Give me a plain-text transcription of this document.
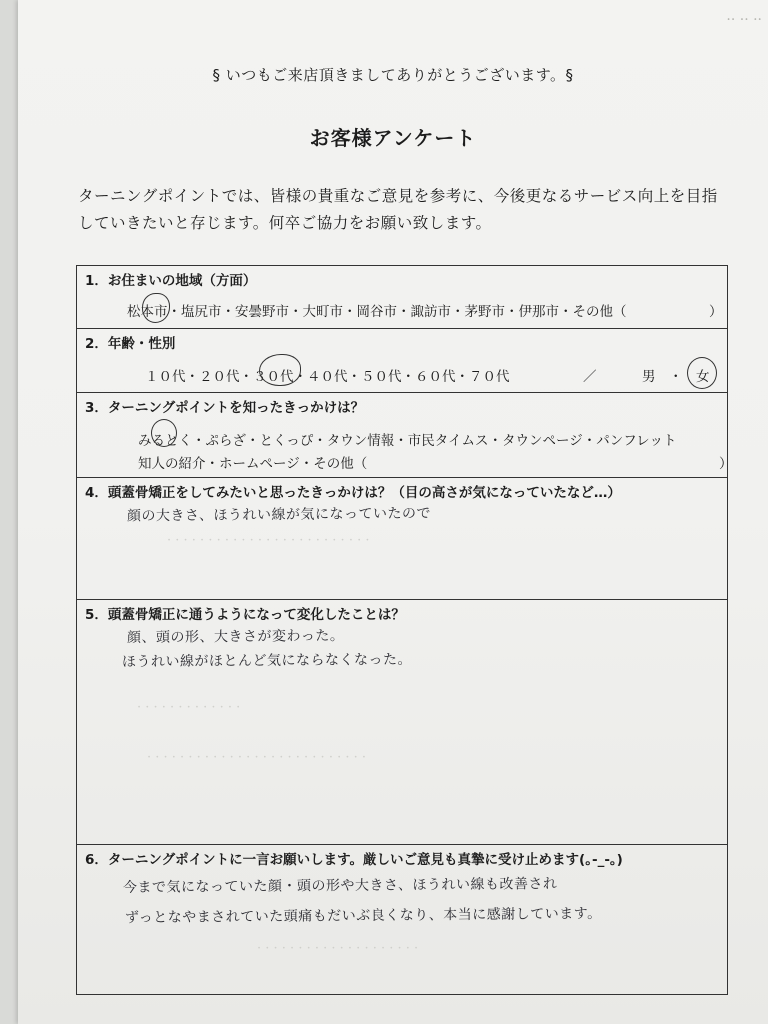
·· ·· ··
§ いつもご来店頂きましてありがとうございます。§
お客様アンケート
ターニングポイントでは、皆様の貴重なご意見を参考に、今後更なるサービス向上を目指
していきたいと存じます。何卒ご協力をお願い致します。
1．お住まいの地域（方面）
松本市・塩尻市・安曇野市・大町市・岡谷市・諏訪市・茅野市・伊那市・その他（	）
2．年齢・性別
１０代・２０代・３０代・４０代・５０代・６０代・７０代	／	男　・　女
3．ターニングポイントを知ったきっかけは？
みるとく・ぷらざ・とくっぴ・タウン情報・市民タイムス・タウンページ・パンフレット
知人の紹介・ホームページ・その他（	）
4．頭蓋骨矯正をしてみたいと思ったきっかけは？（目の高さが気になっていたなど…）
顔の大きさ、ほうれい線が気になっていたので
· · · · · · · · · · · · · · · · · · · · · · · · ·
5．頭蓋骨矯正に通うようになって変化したことは？
顔、頭の形、大きさが変わった。
ほうれい線がほとんど気にならなくなった。
· · · · · · · · · · · · ·
· · · · · · · · · · · · · · · · · · · · · · · · · · ·
6．ターニングポイントに一言お願いします。厳しいご意見も真摯に受け止めます(｡-_-｡)
今まで気になっていた顔・頭の形や大きさ、ほうれい線も改善され
ずっとなやまされていた頭痛もだいぶ良くなり、本当に感謝しています。
· · · · · · · · · · · · · · · · · · · ·
